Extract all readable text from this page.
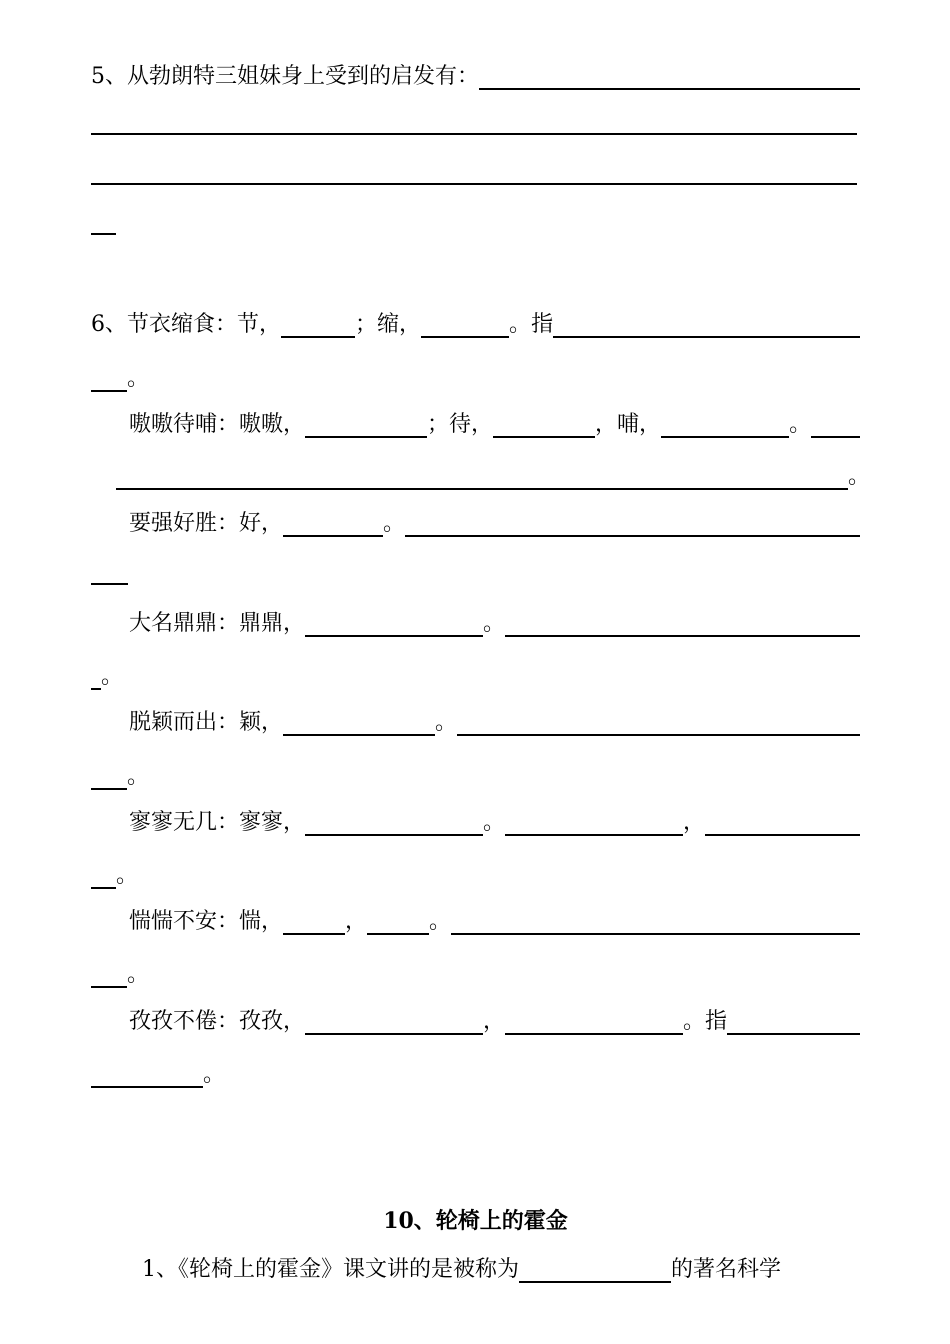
5、从勃朗特三姐妹身上受到的启发有：
6、节衣缩食： 节，	； 缩，	。 指
。
嗷嗷待哺： 嗷嗷，	；待，	，哺，	。
。
要强好胜： 好，	。
大名鼎鼎： 鼎鼎，	。
。
脱颖而出： 颖，	。
。
寥寥无几： 寥寥，	。	，
。
惴惴不安： 惴，	，	。
。
孜孜不倦： 孜孜，	，	。指
。
10、轮椅上的霍金
1、《轮椅上的霍金》课文讲的是被称为	的著名科学
